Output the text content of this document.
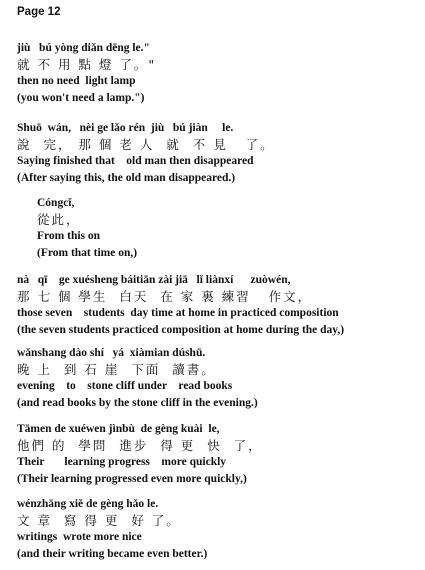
Page 12
jiù   bú yòng diǎn dēng le."
就 不 用 點 燈 了。"
then no need  light lamp
(you won't need a lamp.")
Shuō  wán,   nèi ge lǎo rén  jiù   bú jiàn     le.
說  完， 那 個 老 人  就  不 見   了。
Saying finished that    old man then disappeared
(After saying this, the old man disappeared.)
Cóngcǐ,
從此，
From this on
(From that time on,)
nà   qī    ge xuésheng báitiān zài jiā   lǐ liànxí      zuòwén,
那 七 個 學生  白天  在 家 裏 練習   作文，
those seven    students  day time at home in practiced composition
(the seven students practiced composition at home during the day,)
wǎnshang dào shí   yá  xiàmian dúshū.
晚 上  到 石 崖  下面  讀書。
evening    to    stone cliff under    read books
(and read books by the stone cliff in the evening.)
Tāmen de xuéwen jìnbù  de gèng kuài  le,
他們 的  學問  進步  得 更  快  了，
Their       learning progress    more quickly
(Their learning progressed even more quickly,)
wénzhāng xiě de gèng hǎo le.
文 章  寫 得 更  好 了。
writings  wrote more nice
(and their writing became even better.)
